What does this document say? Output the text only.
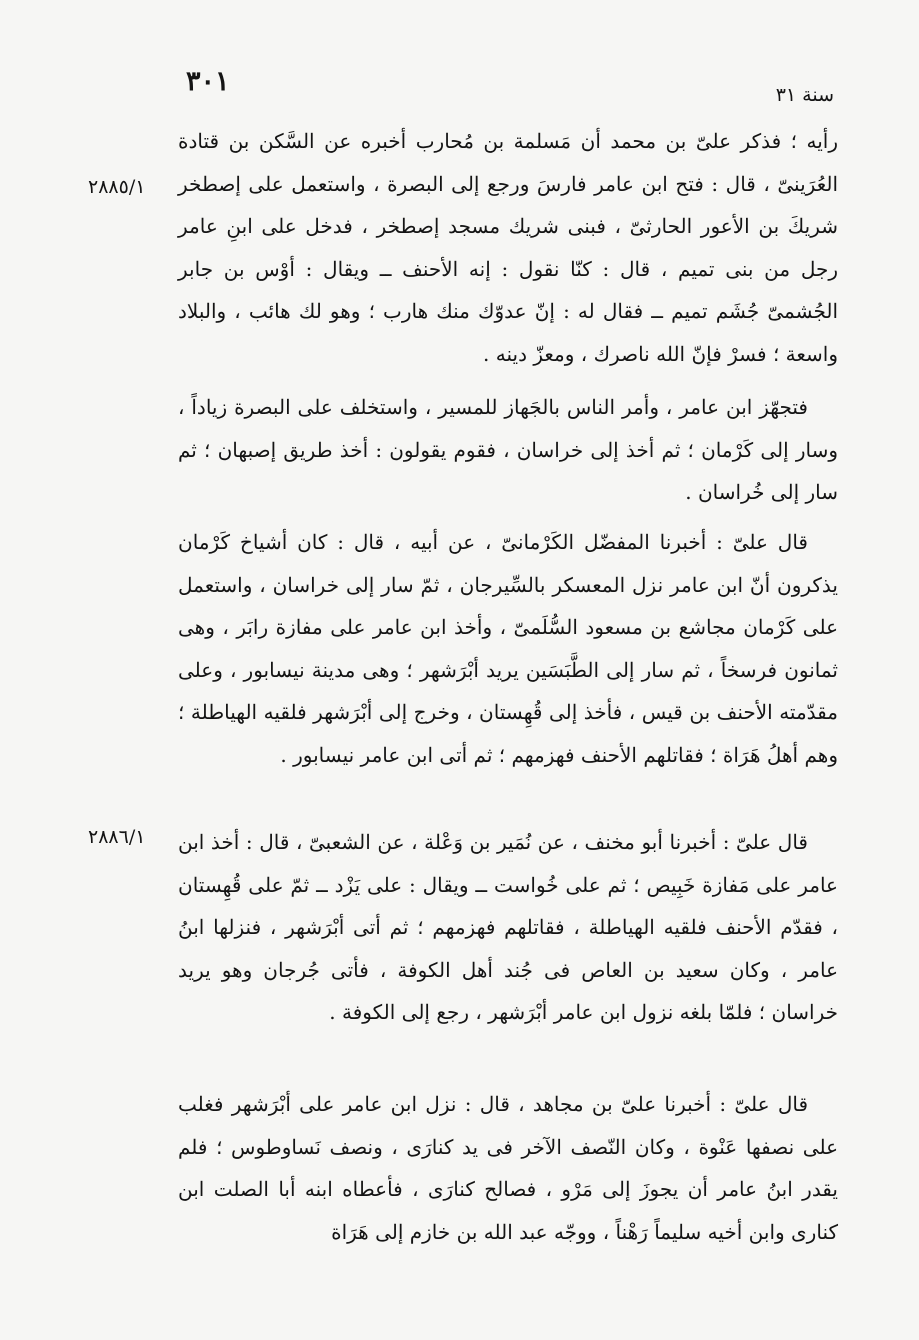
٣٠١	سنة ٣١
٢٨٨٥/١
٢٨٨٦/١

رأيه ؛ فذكر علىّ بن محمد أن مَسلمة بن مُحارب أخبره عن السَّكن بن قتادة العُرَينىّ ، قال : فتح ابن عامر فارسَ ورجع إلى البصرة ، واستعمل على إصطخر شريكَ بن الأعور الحارثىّ ، فبنى شريك مسجد إصطخر ، فدخل على ابنِ عامر رجل من بنى تميم ، قال : كنّا نقول : إنه الأحنف ــ ويقال : أوْس بن جابر الجُشمىّ جُشَم تميم ــ فقال له : إنّ عدوّك منك هارب ؛ وهو لك هائب ، والبلاد واسعة ؛ فسرْ فإنّ الله ناصرك ، ومعزّ دينه .

فتجهّز ابن عامر ، وأمر الناس بالجَهاز للمسير ، واستخلف على البصرة زياداً ، وسار إلى كَرْمان ؛ ثم أخذ إلى خراسان ، فقوم يقولون : أخذ طريق إصبهان ؛ ثم سار إلى خُراسان .

قال علىّ : أخبرنا المفضّل الكَرْمانىّ ، عن أبيه ، قال : كان أشياخ كَرْمان يذكرون أنّ ابن عامر نزل المعسكر بالسِّيرجان ، ثمّ سار إلى خراسان ، واستعمل على كَرْمان مجاشع بن مسعود السُّلَمىّ ، وأخذ ابن عامر على مفازة رابَر ، وهى ثمانون فرسخاً ، ثم سار إلى الطَّبَسَين يريد أبْرَشهر ؛ وهى مدينة نيسابور ، وعلى مقدّمته الأحنف بن قيس ، فأخذ إلى قُهِستان ، وخرج إلى أبْرَشهر فلقيه الهياطلة ؛ وهم أهلُ هَرَاة ؛ فقاتلهم الأحنف فهزمهم ؛ ثم أتى ابن عامر نيسابور .

قال علىّ : أخبرنا أبو مخنف ، عن نُمَير بن وَعْلة ، عن الشعبىّ ، قال : أخذ ابن عامر على مَفازة خَبِيص ؛ ثم على خُواست ــ ويقال : على يَزْد ــ ثمّ على قُهِستان ، فقدّم الأحنف فلقيه الهياطلة ، فقاتلهم فهزمهم ؛ ثم أتى أبْرَشهر ، فنزلها ابنُ عامر ، وكان سعيد بن العاص فى جُند أهل الكوفة ، فأتى جُرجان وهو يريد خراسان ؛ فلمّا بلغه نزول ابن عامر أبْرَشهر ، رجع إلى الكوفة .

قال علىّ : أخبرنا علىّ بن مجاهد ، قال : نزل ابن عامر على أبْرَشهر فغلب على نصفها عَنْوة ، وكان النّصف الآخر فى يد كنارَى ، ونصف نَساوطوس ؛ فلم يقدر ابنُ عامر أن يجوزَ إلى مَرْو ، فصالح كنارَى ، فأعطاه ابنه أبا الصلت ابن كنارى وابن أخيه سليماً رَهْناً ، ووجّه عبد الله بن خازم إلى هَرَاة
